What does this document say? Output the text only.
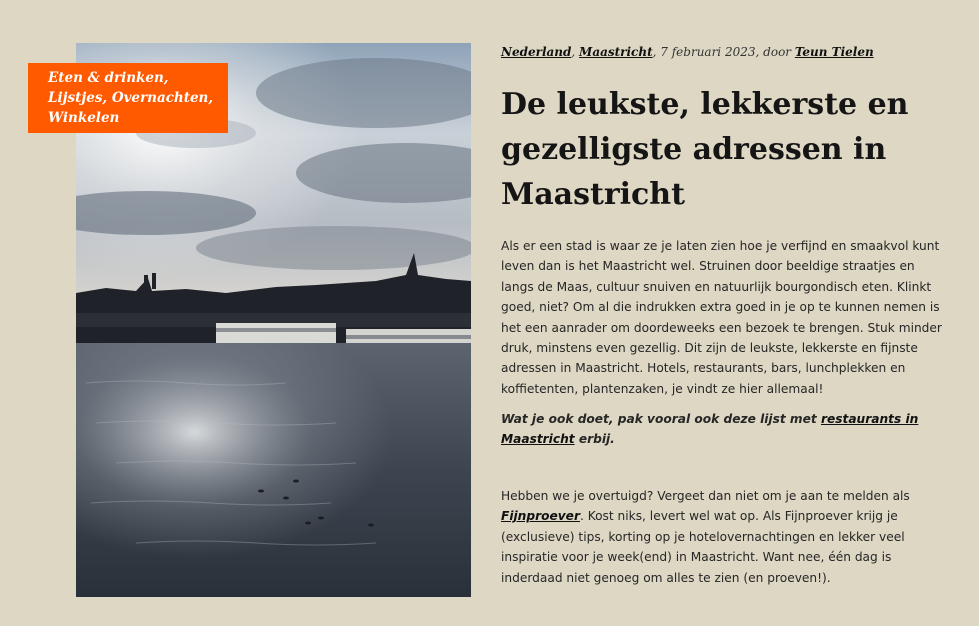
Eten & drinken, Lijstjes, Overnachten, Winkelen
Nederland, Maastricht, 7 februari 2023, door Teun Tielen
De leukste, lekkerste en gezelligste adressen in Maastricht

Als er een stad is waar ze je laten zien hoe je verfijnd en smaakvol kunt leven dan is het Maastricht wel. Struinen door beeldige straatjes en langs de Maas, cultuur snuiven en natuurlijk bourgondisch eten. Klinkt goed, niet? Om al die indrukken extra goed in je op te kunnen nemen is het een aanrader om doordeweeks een bezoek te brengen. Stuk minder druk, minstens even gezellig. Dit zijn de leukste, lekkerste en fijnste adressen in Maastricht. Hotels, restaurants, bars, lunchplekken en koffietenten, plantenzaken, je vindt ze hier allemaal!

Wat je ook doet, pak vooral ook deze lijst met restaurants in Maastricht erbij.

Hebben we je overtuigd? Vergeet dan niet om je aan te melden als Fijnproever. Kost niks, levert wel wat op. Als Fijnproever krijg je (exclusieve) tips, korting op je hotelovernachtingen en lekker veel inspiratie voor je week(end) in Maastricht. Want nee, één dag is inderdaad niet genoeg om alles te zien (en proeven!).
